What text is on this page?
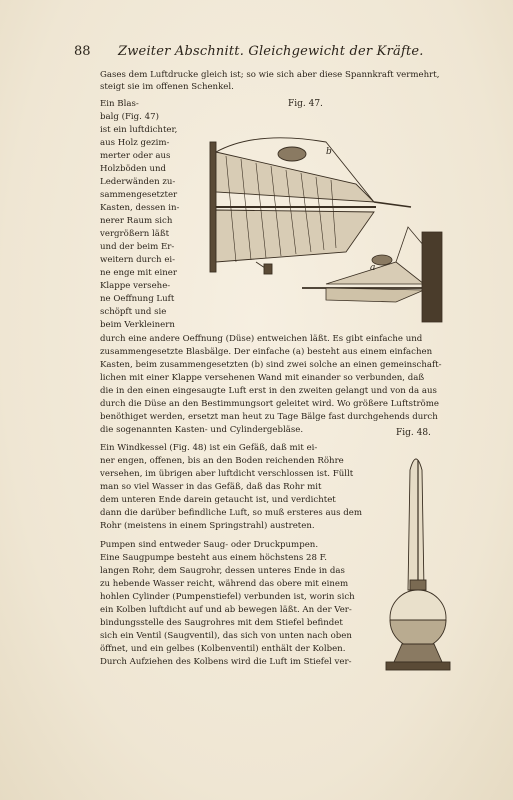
88 Zweiter Abschnitt. Gleichgewicht der Kräfte.
Gases dem Luftdrucke gleich ist; so wie sich aber diese Spannkraft vermehrt,
steigt sie im offenen Schenkel.
Ein Blas-
balg (Fig. 47)
ist ein luftdichter,
aus Holz gezim-
merter oder aus
Holzböden und
Lederwänden zu-
sammengesetzter
Kasten, dessen in-
nerer Raum sich
vergrößern läßt
und der beim Er-
weitern durch ei-
ne enge mit einer
Klappe versehe-
ne Oeffnung Luft
schöpft und sie
beim Verkleinern
durch eine andere Oeffnung (Düse) entweichen läßt. Es gibt einfache und
zusammengesetzte Blasbälge. Der einfache (a) besteht aus einem einfachen
Kasten, beim zusammengesetzten (b) sind zwei solche an einen gemeinschaft-
lichen mit einer Klappe versehenen Wand mit einander so verbunden, daß
die in den einen eingesaugte Luft erst in den zweiten gelangt und von da aus
durch die Düse an den Bestimmungsort geleitet wird. Wo größere Luftströme
benöthiget werden, ersetzt man heut zu Tage Bälge fast durchgehends durch
die sogenannten Kasten- und Cylindergebläse.
Ein Windkessel (Fig. 48) ist ein Gefäß, daß mit ei-
ner engen, offenen, bis an den Boden reichenden Röhre
versehen, im übrigen aber luftdicht verschlossen ist. Füllt
man so viel Wasser in das Gefäß, daß das Rohr mit
dem unteren Ende darein getaucht ist, und verdichtet
dann die darüber befindliche Luft, so muß ersteres aus dem
Rohr (meistens in einem Springstrahl) austreten.
Pumpen sind entweder Saug- oder Druckpumpen.
Eine Saugpumpe besteht aus einem höchstens 28 F.
langen Rohr, dem Saugrohr, dessen unteres Ende in das
zu hebende Wasser reicht, während das obere mit einem
hohlen Cylinder (Pumpenstiefel) verbunden ist, worin sich
ein Kolben luftdicht auf und ab bewegen läßt. An der Ver-
bindungsstelle des Saugrohres mit dem Stiefel befindet
sich ein Ventil (Saugventil), das sich von unten nach oben
öffnet, und ein gelbes (Kolbenventil) enthält der Kolben.
Durch Aufziehen des Kolbens wird die Luft im Stiefel ver-
Fig. 47.
b
a
Fig. 48.
